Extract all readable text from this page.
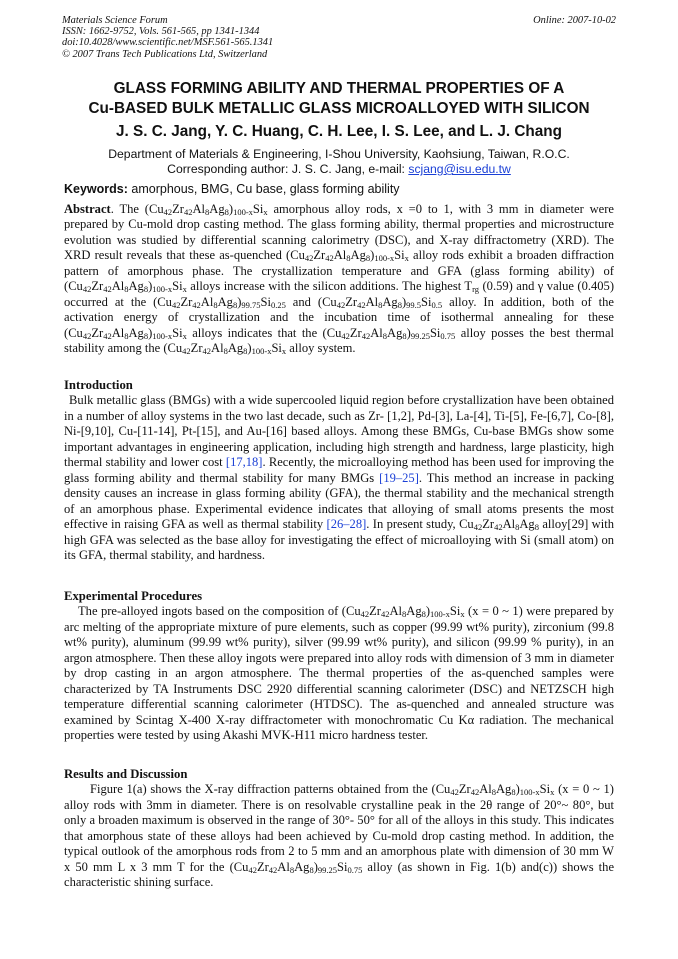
Materials Science Forum
ISSN: 1662-9752, Vols. 561-565, pp 1341-1344
doi:10.4028/www.scientific.net/MSF.561-565.1341
© 2007 Trans Tech Publications Ltd, Switzerland
Online: 2007-10-02
GLASS FORMING ABILITY AND THERMAL PROPERTIES OF A
Cu-BASED BULK METALLIC GLASS MICROALLOYED WITH SILICON
J. S. C. Jang, Y. C. Huang, C. H. Lee, I. S. Lee, and L. J. Chang
Department of Materials & Engineering, I-Shou University, Kaohsiung, Taiwan, R.O.C.
Corresponding author: J. S. C. Jang, e-mail: scjang@isu.edu.tw
Keywords: amorphous, BMG, Cu base, glass forming ability

Abstract. The $(Cu_{42}Zr_{42}Al_8Ag_8)_{100-x}Si_x$ amorphous alloy rods, x =0 to 1, with 3 mm in diameter were prepared by Cu-mold drop casting method. The glass forming ability, thermal properties and microstructure evolution was studied by differential scanning calorimetry (DSC), and X-ray diffractometry (XRD). The XRD result reveals that these as-quenched $(Cu_{42}Zr_{42}Al_8Ag_8)_{100-x}Si_x$ alloy rods exhibit a broaden diffraction pattern of amorphous phase. The crystallization temperature and GFA (glass forming ability) of $(Cu_{42}Zr_{42}Al_8Ag_8)_{100-x}Si_x$ alloys increase with the silicon additions. The highest $T_{rg}$ (0.59) and γ value (0.405) occurred at the $(Cu_{42}Zr_{42}Al_8Ag_8)_{99.75}Si_{0.25}$ and $(Cu_{42}Zr_{42}Al_8Ag_8)_{99.5}Si_{0.5}$ alloy. In addition, both of the activation energy of crystallization and the incubation time of isothermal annealing for these $(Cu_{42}Zr_{42}Al_8Ag_8)_{100-x}Si_x$ alloys indicates that the $(Cu_{42}Zr_{42}Al_8Ag_8)_{99.25}Si_{0.75}$ alloy posses the best thermal stability among the $(Cu_{42}Zr_{42}Al_8Ag_8)_{100-x}Si_x$ alloy system.

Introduction

Bulk metallic glass (BMGs) with a wide supercooled liquid region before crystallization have been obtained in a number of alloy systems in the two last decade, such as Zr- [1,2], Pd-[3], La-[4], Ti-[5], Fe-[6,7], Co-[8], Ni-[9,10], Cu-[11-14], Pt-[15], and Au-[16] based alloys. Among these BMGs, Cu-base BMGs show some important advantages in engineering application, including high strength and hardness, large plasticity, high thermal stability and lower cost [17,18]. Recently, the microalloying method has been used for improving the glass forming ability and thermal stability for many BMGs [19–25]. This method an increase in packing density causes an increase in glass forming ability (GFA), the thermal stability and the mechanical strength of an amorphous phase. Experimental evidence indicates that alloying of small atoms presents the most effective in raising GFA as well as thermal stability [26–28]. In present study, $Cu_{42}Zr_{42}Al_8Ag_8$ alloy[29] with high GFA was selected as the base alloy for investigating the effect of microalloying with Si (small atom) on its GFA, thermal stability, and hardness.

Experimental Procedures

The pre-alloyed ingots based on the composition of $(Cu_{42}Zr_{42}Al_8Ag_8)_{100-x}Si_x$ (x = 0 ~ 1) were prepared by arc melting of the appropriate mixture of pure elements, such as copper (99.99 wt% purity), zirconium (99.8 wt% purity), aluminum (99.99 wt% purity), silver (99.99 wt% purity), and silicon (99.99 % purity), in an argon atmosphere. Then these alloy ingots were prepared into alloy rods with dimension of 3 mm in diameter by drop casting in an argon atmosphere. The thermal properties of the as-quenched samples were characterized by TA Instruments DSC 2920 differential scanning calorimeter (DSC) and NETZSCH high temperature differential scanning calorimeter (HTDSC). The as-quenched and annealed structure was examined by Scintag X-400 X-ray diffractometer with monochromatic Cu Kα radiation. The mechanical properties were tested by using Akashi MVK-H11 micro hardness tester.

Results and Discussion

Figure 1(a) shows the X-ray diffraction patterns obtained from the $(Cu_{42}Zr_{42}Al_8Ag_8)_{100-x}Si_x$ (x = 0 ~ 1) alloy rods with 3mm in diameter. There is on resolvable crystalline peak in the 2θ range of 20°~ 80°, but only a broaden maximum is observed in the range of 30°- 50° for all of the alloys in this study. This indicates that amorphous state of these alloys had been achieved by Cu-mold drop casting method. In addition, the typical outlook of the amorphous rods from 2 to 5 mm and an amorphous plate with dimension of 30 mm W x 50 mm L x 3 mm T for the $(Cu_{42}Zr_{42}Al_8Ag_8)_{99.25}Si_{0.75}$ alloy (as shown in Fig. 1(b) and(c)) shows the characteristic shining surface.
